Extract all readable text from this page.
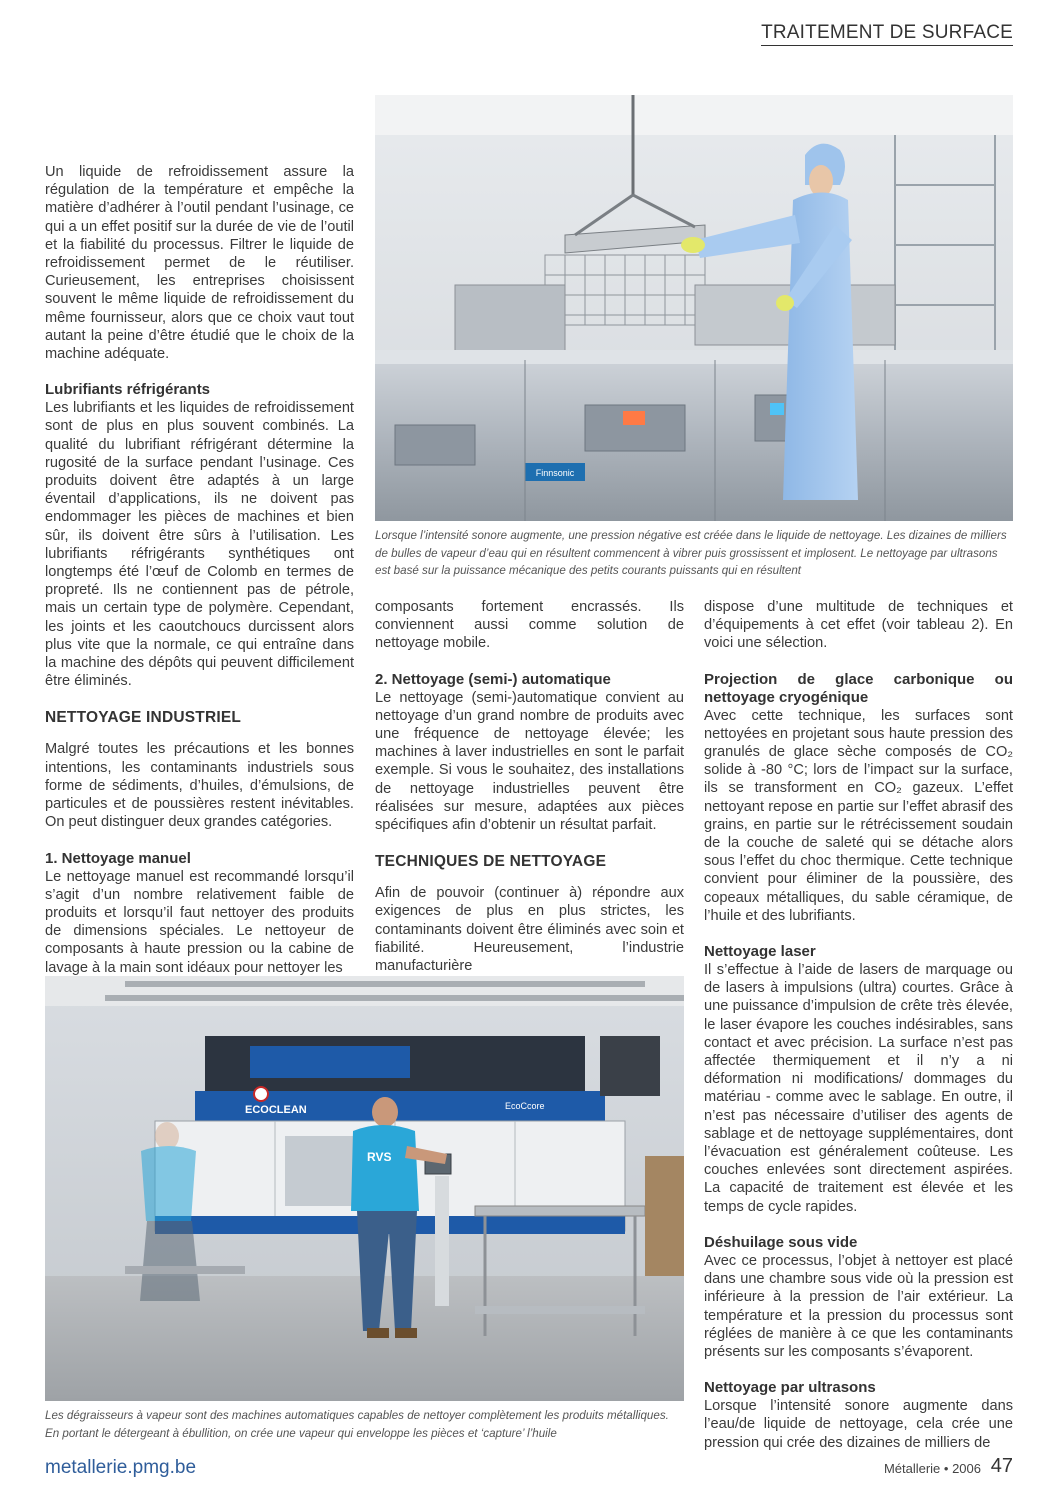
TRAITEMENT DE SURFACE
Finnsonic
Lorsque l’intensité sonore augmente, une pression négative est créée dans le liquide de nettoyage. Les dizaines de milliers de bulles de vapeur d’eau qui en résultent commencent à vibrer puis grossissent et implosent. Le nettoyage par ultrasons est basé sur la puissance mécanique des petits courants puissants qui en résultent

Un liquide de refroidissement assure la régulation de la température et empêche la matière d’adhérer à l’outil pendant l’usinage, ce qui a un effet positif sur la durée de vie de l’outil et la fiabilité du processus. Filtrer le liquide de refroidissement permet de le réutiliser. Curieusement, les entreprises choisissent souvent le même liquide de refroidissement du même fournisseur, alors que ce choix vaut tout autant la peine d’être étudié que le choix de la machine adéquate.

Lubrifiants réfrigérants

Les lubrifiants et les liquides de refroidissement sont de plus en plus souvent combinés. La qualité du lubrifiant réfrigérant détermine la rugosité de la surface pendant l’usinage. Ces produits doivent être adaptés à un large éventail d’applications, ils ne doivent pas endommager les pièces de machines et bien sûr, ils doivent être sûrs à l’utilisation. Les lubrifiants réfrigérants synthétiques ont longtemps été l’œuf de Colomb en termes de propreté. Ils ne contiennent pas de pétrole, mais un certain type de polymère. Cependant, les joints et les caoutchoucs durcissent alors plus vite que la normale, ce qui entraîne dans la machine des dépôts qui peuvent difficilement être éliminés.

NETTOYAGE INDUSTRIEL

Malgré toutes les précautions et les bonnes intentions, les contaminants industriels sous forme de sédiments, d’huiles, d’émulsions, de particules et de poussières restent inévitables. On peut distinguer deux grandes catégories.

1. Nettoyage manuel

Le nettoyage manuel est recommandé lorsqu’il s’agit d’un nombre relativement faible de produits et lorsqu’il faut nettoyer des produits de dimensions spéciales. Le nettoyeur de composants à haute pression ou la cabine de lavage à la main sont idéaux pour nettoyer les

composants fortement encrassés. Ils conviennent aussi comme solution de nettoyage mobile.

2. Nettoyage (semi-) automatique

Le nettoyage (semi-)automatique convient au nettoyage d’un grand nombre de produits avec une fréquence de nettoyage élevée; les machines à laver industrielles en sont le parfait exemple. Si vous le souhaitez, des installations de nettoyage industrielles peuvent être réalisées sur mesure, adaptées aux pièces spécifiques afin d’obtenir un résultat parfait.

TECHNIQUES DE NETTOYAGE

Afin de pouvoir (continuer à) répondre aux exigences de plus en plus strictes, les contaminants doivent être éliminés avec soin et fiabilité. Heureusement, l’industrie manufacturière

dispose d’une multitude de techniques et d’équipements à cet effet (voir tableau 2). En voici une sélection.

Projection de glace carbonique ou nettoyage cryogénique

Avec cette technique, les surfaces sont nettoyées en projetant sous haute pression des granulés de glace sèche composés de CO₂ solide à -80 °C; lors de l’impact sur la surface, ils se transforment en CO₂ gazeux. L’effet nettoyant repose en partie sur l’effet abrasif des grains, en partie sur le rétrécissement soudain de la couche de saleté qui se détache alors sous l’effet du choc thermique. Cette technique convient pour éliminer de la poussière, des copeaux métalliques, du sable céramique, de l’huile et des lubrifiants.

Nettoyage laser

Il s’effectue à l’aide de lasers de marquage ou de lasers à impulsions (ultra) courtes. Grâce à une puissance d’impulsion de crête très élevée, le laser évapore les couches indésirables, sans contact et avec précision. La surface n’est pas affectée thermiquement et il n’y a ni déformation ni modifications/ dommages du matériau - comme avec le sablage. En outre, il n’est pas nécessaire d’utiliser des agents de sablage et de nettoyage supplémentaires, dont l’évacuation est généralement coûteuse. Les couches enlevées sont directement aspirées. La capacité de traitement est élevée et les temps de cycle rapides.

Déshuilage sous vide

Avec ce processus, l’objet à nettoyer est placé dans une chambre sous vide où la pression est inférieure à la pression de l’air extérieur. La température et la pression du processus sont réglées de manière à ce que les contaminants présents sur les composants s’évaporent.

Nettoyage par ultrasons

Lorsque l’intensité sonore augmente dans l’eau/de liquide de nettoyage, cela crée une pression qui crée des dizaines de milliers de

ECOCLEAN	EcoCcore
RVS
Les dégraisseurs à vapeur sont des machines automatiques capables de nettoyer complètement les produits métalliques. En portant le détergeant à ébullition, on crée une vapeur qui enveloppe les pièces et ‘capture’ l’huile
metallerie.pmg.be	Métallerie • 2006 47
